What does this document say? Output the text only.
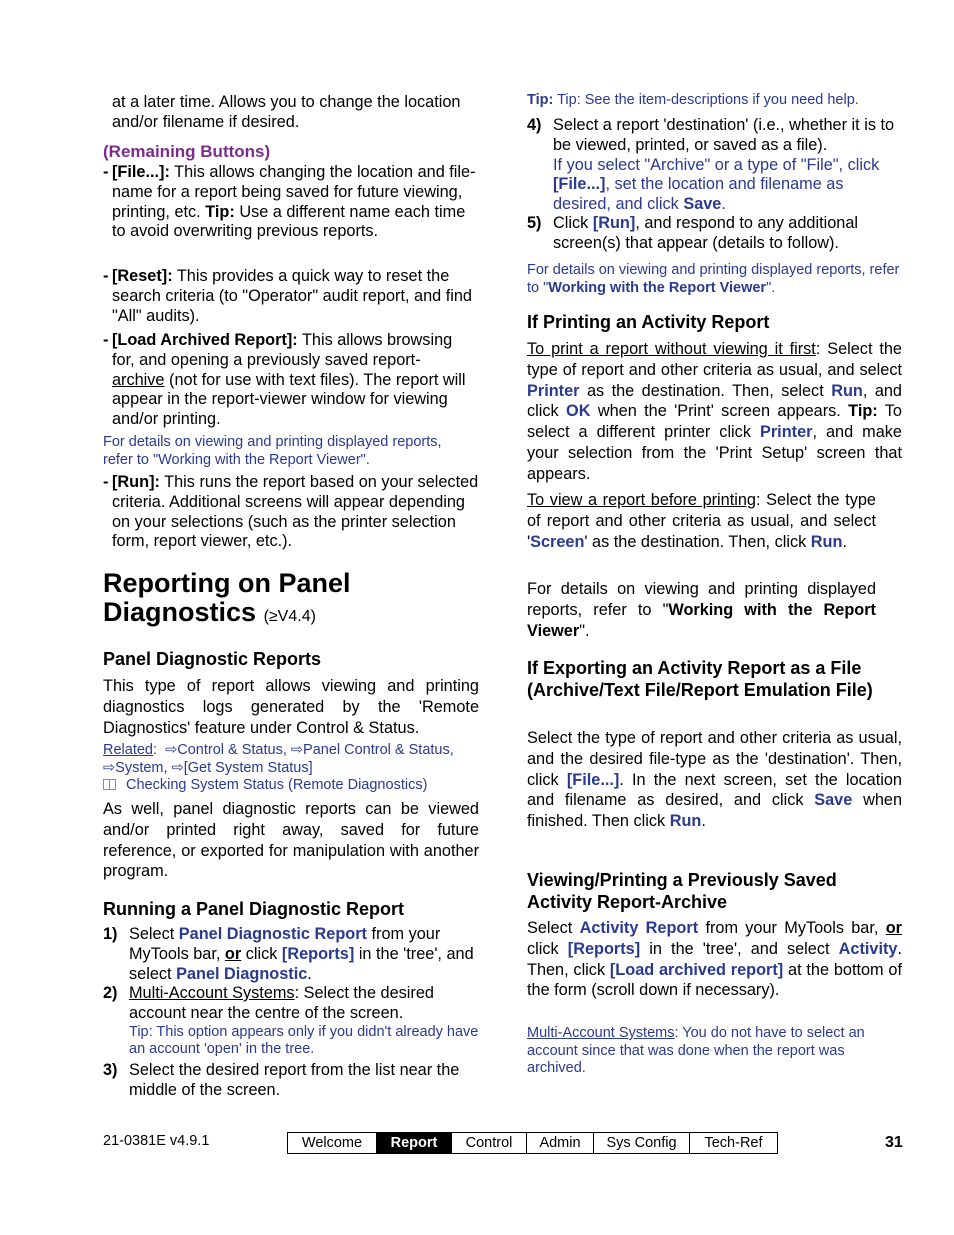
at a later time. Allows you to change the location and/or filename if desired.

(Remaining Buttons)

- [File...]: This allows changing the location and file-name for a report being saved for future viewing, printing, etc. Tip: Use a different name each time to avoid overwriting previous reports.

- [Reset]: This provides a quick way to reset the search criteria (to "Operator" audit report, and find "All" audits).

- [Load Archived Report]: This allows browsing for, and opening a previously saved report-
archive (not for use with text files). The report will appear in the report-viewer window for viewing and/or printing.

For details on viewing and printing displayed reports, refer to "Working with the Report Viewer".

- [Run]: This runs the report based on your selected criteria. Additional screens will appear depending on your selections (such as the printer selection form, report viewer, etc.).

Reporting on Panel
Diagnostics (≥V4.4)
Panel Diagnostic Reports

This type of report allows viewing and printing diagnostics logs generated by the 'Remote Diagnostics' feature under Control & Status.

Related:  ⇨Control & Status, ⇨Panel Control & Status,
⇨System, ⇨[Get System Status]
Checking System Status (Remote Diagnostics)

As well, panel diagnostic reports can be viewed and/or printed right away, saved for future reference, or exported for manipulation with another program.

Running a Panel Diagnostic Report
1) Select Panel Diagnostic Report from your MyTools bar, or click [Reports] in the 'tree', and select Panel Diagnostic.

2) Multi-Account Systems: Select the desired account near the centre of the screen.

Tip: This option appears only if you didn't already have an account 'open' in the tree.

3) Select the desired report from the list near the middle of the screen.

Tip: Tip: See the item-descriptions if you need help.

4) Select a report 'destination' (i.e., whether it is to be viewed, printed, or saved as a file).
If you select "Archive" or a type of "File", click [File...], set the location and filename as desired, and click Save.

5) Click [Run], and respond to any additional screen(s) that appear (details to follow).

For details on viewing and printing displayed reports, refer to "Working with the Report Viewer".

If Printing an Activity Report

To print a report without viewing it first: Select the type of report and other criteria as usual, and select Printer as the destination. Then, select Run, and click OK when the 'Print' screen appears. Tip: To select a different printer click Printer, and make your selection from the 'Print Setup' screen that appears.

To view a report before printing: Select the type of report and other criteria as usual, and select 'Screen' as the destination. Then, click Run.

For details on viewing and printing displayed reports, refer to "Working with the Report Viewer".

If Exporting an Activity Report as a File (Archive/Text File/Report Emulation File)

Select the type of report and other criteria as usual, and the desired file-type as the 'destination'. Then, click [File...]. In the next screen, set the location and filename as desired, and click Save when finished. Then click Run.

Viewing/Printing a Previously Saved Activity Report-Archive

Select Activity Report from your MyTools bar, or click [Reports] in the 'tree', and select Activity. Then, click [Load archived report] at the bottom of the form (scroll down if necessary).

Multi-Account Systems: You do not have to select an account since that was done when the report was archived.

21-0381E v4.9.1	Welcome	Report	Control	Admin	Sys Config	Tech-Ref	31
